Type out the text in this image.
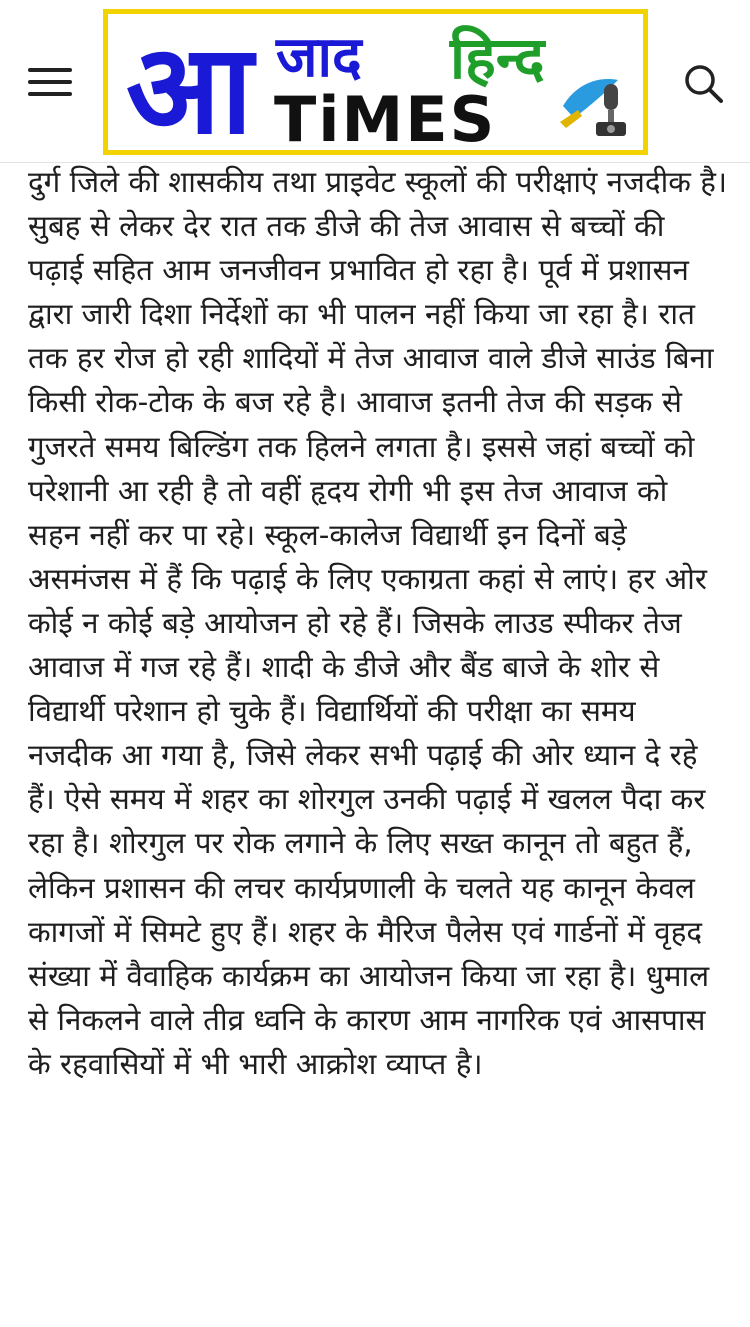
आ जाद हिन्द
TiMES

दुर्ग जिले की शासकीय तथा प्राइवेट स्कूलों की परीक्षाएं नजदीक है। सुबह से लेकर देर रात तक डीजे की तेज आवास से बच्चों की पढ़ाई सहित आम जनजीवन प्रभावित हो रहा है। पूर्व में प्रशासन द्वारा जारी दिशा निर्देशों का भी पालन नहीं किया जा रहा है। रात तक हर रोज हो रही शादियों में तेज आवाज वाले डीजे साउंड बिना किसी रोक-टोक के बज रहे है। आवाज इतनी तेज की सड़क से गुजरते समय बिल्डिंग तक हिलने लगता है। इससे जहां बच्चों को परेशानी आ रही है तो वहीं हृदय रोगी भी इस तेज आवाज को सहन नहीं कर पा रहे। स्कूल-कालेज विद्यार्थी इन दिनों बड़े असमंजस में हैं कि पढ़ाई के लिए एकाग्रता कहां से लाएं। हर ओर कोई न कोई बड़े आयोजन हो रहे हैं। जिसके लाउड स्पीकर तेज आवाज में गज रहे हैं। शादी के डीजे और बैंड बाजे के शोर से विद्यार्थी परेशान हो चुके हैं। विद्यार्थियों की परीक्षा का समय नजदीक आ गया है, जिसे लेकर सभी पढ़ाई की ओर ध्यान दे रहे हैं। ऐसे समय में शहर का शोरगुल उनकी पढ़ाई में खलल पैदा कर रहा है। शोरगुल पर रोक लगाने के लिए सख्त कानून तो बहुत हैं, लेकिन प्रशासन की लचर कार्यप्रणाली के चलते यह कानून केवल कागजों में सिमटे हुए हैं। शहर के मैरिज पैलेस एवं गार्डनों में वृहद संख्या में वैवाहिक कार्यक्रम का आयोजन किया जा रहा है। धुमाल से निकलने वाले तीव्र ध्वनि के कारण आम नागरिक एवं आसपास के रहवासियों में भी भारी आक्रोश व्याप्त है।
